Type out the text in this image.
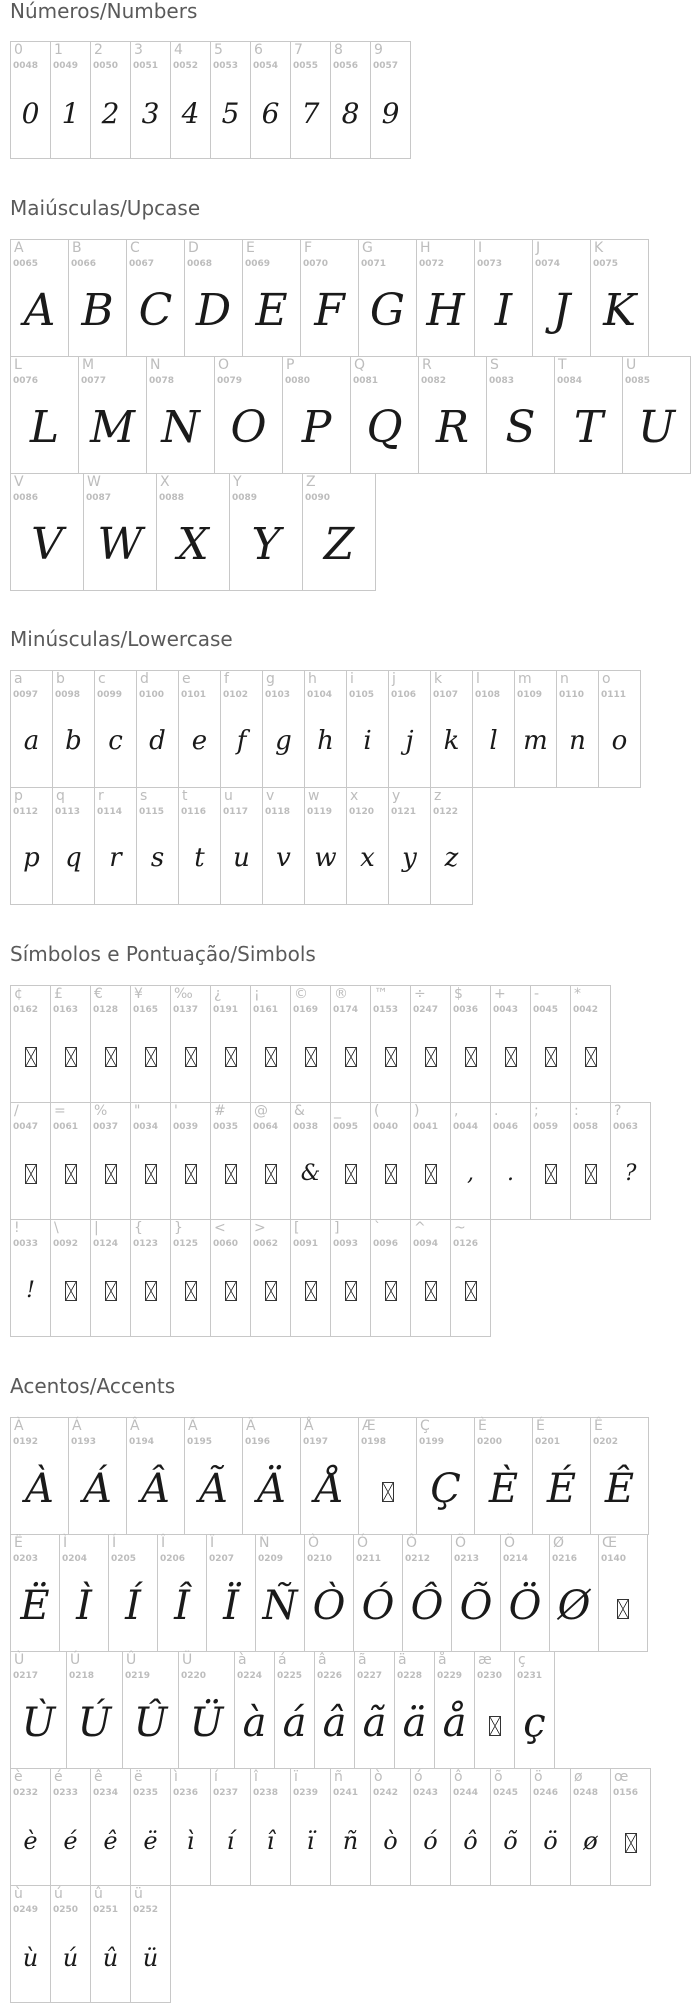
Números/Numbers
Maiúsculas/Upcase
Minúsculas/Lowercase
Símbolos e Pontuação/Simbols
Acentos/Accents
0
0048
0
1
0049
1
2
0050
2
3
0051
3
4
0052
4
5
0053
5
6
0054
6
7
0055
7
8
0056
8
9
0057
9
A
0065
A
B
0066
B
C
0067
C
D
0068
D
E
0069
E
F
0070
F
G
0071
G
H
0072
H
I
0073
I
J
0074
J
K
0075
K
L
0076
L
M
0077
M
N
0078
N
O
0079
O
P
0080
P
Q
0081
Q
R
0082
R
S
0083
S
T
0084
T
U
0085
U
V
0086
V
W
0087
W
X
0088
X
Y
0089
Y
Z
0090
Z
a
0097
a
b
0098
b
c
0099
c
d
0100
d
e
0101
e
f
0102
f
g
0103
g
h
0104
h
i
0105
i
j
0106
j
k
0107
k
l
0108
l
m
0109
m
n
0110
n
o
0111
o
p
0112
p
q
0113
q
r
0114
r
s
0115
s
t
0116
t
u
0117
u
v
0118
v
w
0119
w
x
0120
x
y
0121
y
z
0122
z
¢
0162
£
0163
€
0128
¥
0165
‰
0137
¿
0191
¡
0161
©
0169
®
0174
™
0153
÷
0247
$
0036
+
0043
-
0045
*
0042
/
0047
=
0061
%
0037
"
0034
'
0039
#
0035
@
0064
&
0038
&
_
0095
(
0040
)
0041
,
0044
,
.
0046
.
;
0059
:
0058
?
0063
?
!
0033
!
\
0092
|
0124
{
0123
}
0125
<
0060
>
0062
[
0091
]
0093
`
0096
^
0094
~
0126
À
0192
À
Á
0193
Á
Â
0194
Â
Ã
0195
Ã
Ä
0196
Ä
Å
0197
Å
Æ
0198
Ç
0199
Ç
È
0200
È
É
0201
É
Ê
0202
Ê
Ë
0203
Ë
Ì
0204
Ì
Í
0205
Í
Î
0206
Î
Ï
0207
Ï
Ñ
0209
Ñ
Ò
0210
Ò
Ó
0211
Ó
Ô
0212
Ô
Õ
0213
Õ
Ö
0214
Ö
Ø
0216
Ø
Œ
0140
Ù
0217
Ù
Ú
0218
Ú
Û
0219
Û
Ü
0220
Ü
à
0224
à
á
0225
á
â
0226
â
ã
0227
ã
ä
0228
ä
å
0229
å
æ
0230
ç
0231
ç
è
0232
è
é
0233
é
ê
0234
ê
ë
0235
ë
ì
0236
ì
í
0237
í
î
0238
î
ï
0239
ï
ñ
0241
ñ
ò
0242
ò
ó
0243
ó
ô
0244
ô
õ
0245
õ
ö
0246
ö
ø
0248
ø
œ
0156
ù
0249
ù
ú
0250
ú
û
0251
û
ü
0252
ü
